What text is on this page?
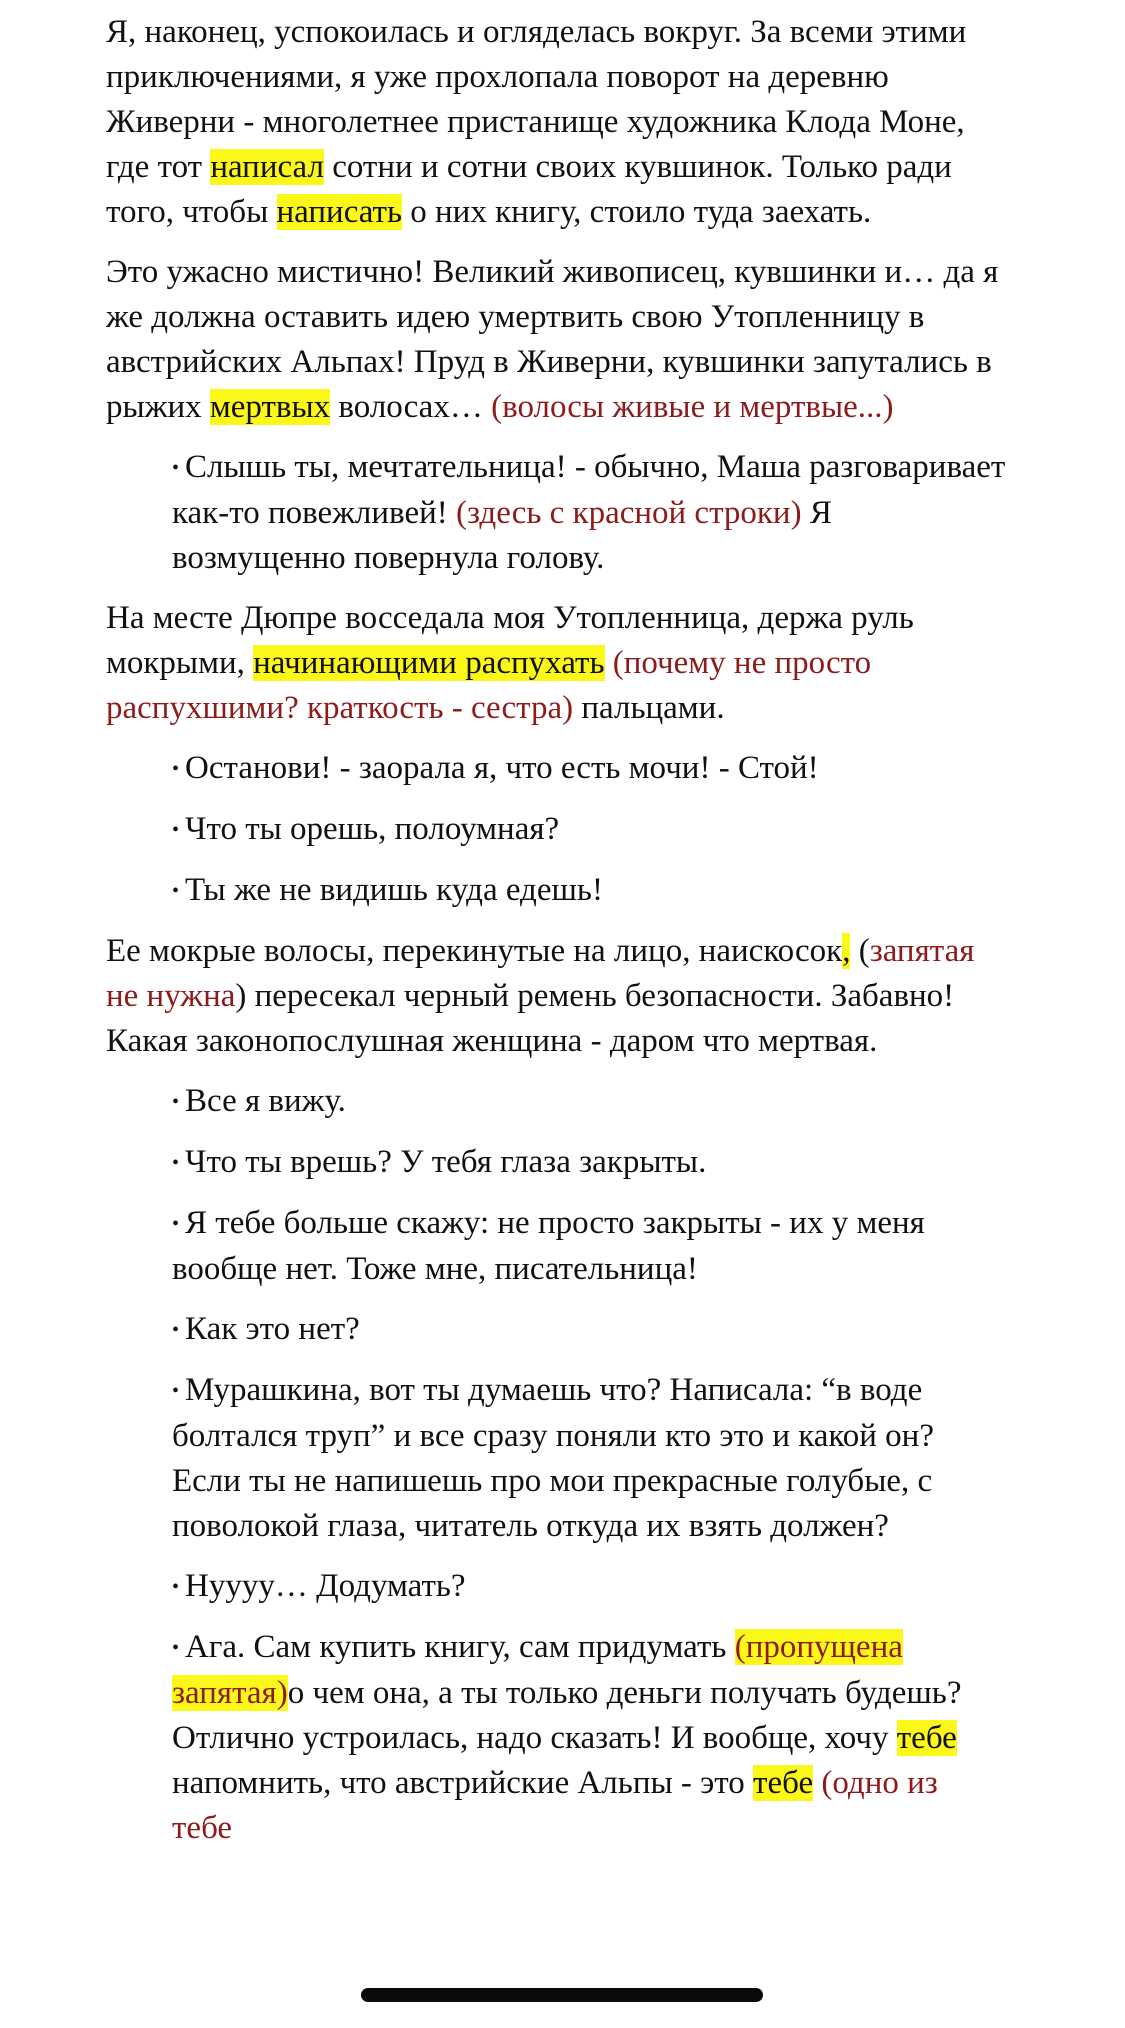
Я, наконец, успокоилась и огляделась вокруг. За всеми этими приключениями, я уже прохлопала поворот на деревню Живерни - многолетнее пристанище художника Клода Моне, где тот написал сотни и сотни своих кувшинок. Только ради того, чтобы написать о них книгу, стоило туда заехать.

Это ужасно мистично! Великий живописец, кувшинки и… да я же должна оставить идею умертвить свою Утопленницу в австрийских Альпах! Пруд в Живерни, кувшинки запутались в рыжих мертвых волосах… (волосы живые и мертвые...)

• Слышь ты, мечтательница! - обычно, Маша разговаривает как-то повежливей! (здесь с красной строки) Я возмущенно повернула голову.

На месте Дюпре восседала моя Утопленница, держа руль мокрыми, начинающими распухать (почему не просто распухшими? краткость - сестра) пальцами.

• Останови! - заорала я, что есть мочи! - Стой!

• Что ты орешь, полоумная?

• Ты же не видишь куда едешь!

Ее мокрые волосы, перекинутые на лицо, наискосок, (запятая не нужна) пересекал черный ремень безопасности. Забавно! Какая законопослушная женщина - даром что мертвая.

• Все я вижу.

• Что ты врешь? У тебя глаза закрыты.

• Я тебе больше скажу: не просто закрыты - их у меня вообще нет. Тоже мне, писательница!

• Как это нет?

• Мурашкина, вот ты думаешь что? Написала: “в воде болтался труп” и все сразу поняли кто это и какой он? Если ты не напишешь про мои прекрасные голубые, с поволокой глаза, читатель откуда их взять должен?

• Нуууу… Додумать?

• Ага. Сам купить книгу, сам придумать (пропущена запятая)о чем она, а ты только деньги получать будешь? Отлично устроилась, надо сказать! И вообще, хочу тебе напомнить, что австрийские Альпы - это тебе (одно из тебе
